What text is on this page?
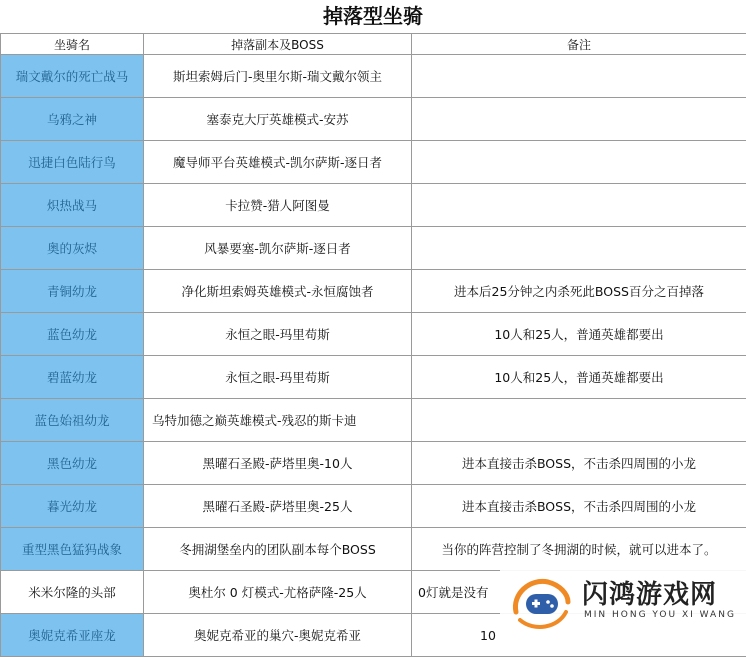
掉落型坐骑
坐骑名	掉落副本及BOSS	备注
瑞文戴尔的死亡战马	斯坦索姆后门-奥里尔斯-瑞文戴尔领主	
乌鸦之神	塞泰克大厅英雄模式-安苏	
迅捷白色陆行鸟	魔导师平台英雄模式-凯尔萨斯-逐日者	
炽热战马	卡拉赞-猎人阿图曼	
奥的灰烬	风暴要塞-凯尔萨斯-逐日者	
青铜幼龙	净化斯坦索姆英雄模式-永恒腐蚀者	进本后25分钟之内杀死此BOSS百分之百掉落
蓝色幼龙	永恒之眼-玛里苟斯	10人和25人，普通英雄都要出
碧蓝幼龙	永恒之眼-玛里苟斯	10人和25人，普通英雄都要出
蓝色始祖幼龙	乌特加德之巅英雄模式-残忍的斯卡迪	
黑色幼龙	黑曜石圣殿-萨塔里奥-10人	进本直接击杀BOSS，不击杀四周围的小龙
暮光幼龙	黑曜石圣殿-萨塔里奥-25人	进本直接击杀BOSS，不击杀四周围的小龙
重型黑色猛犸战象	冬拥湖堡垒内的团队副本每个BOSS	当你的阵营控制了冬拥湖的时候，就可以进本了。
米米尔隆的头部	奥杜尔 0 灯模式-尤格萨隆-25人	0灯就是没有
奥妮克希亚座龙	奥妮克希亚的巢穴-奥妮克希亚	10
闪鸿游戏网
MIN HONG YOU XI WANG
